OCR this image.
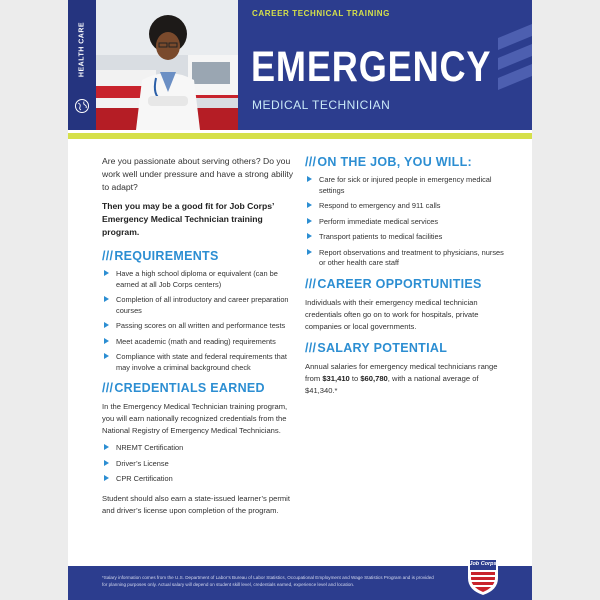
HEALTH CARE
CAREER TECHNICAL TRAINING
EMERGENCY
MEDICAL TECHNICIAN

Are you passionate about serving others? Do you work well under pressure and have a strong ability to adapt?

Then you may be a good fit for Job Corps’ Emergency Medical Technician training program.

///REQUIREMENTS
Have a high school diploma or equivalent (can be earned at all Job Corps centers)
Completion of all introductory and career preparation courses
Passing scores on all written and performance tests
Meet academic (math and reading) requirements
Compliance with state and federal requirements that may involve a criminal background check
///CREDENTIALS EARNED

In the Emergency Medical Technician training program, you will earn nationally recognized credentials from the National Registry of Emergency Medical Technicians.

NREMT Certification
Driver’s License
CPR Certification

Student should also earn a state-issued learner’s permit and driver’s license upon completion of the program.

///ON THE JOB, YOU WILL:
Care for sick or injured people in emergency medical settings
Respond to emergency and 911 calls
Perform immediate medical services
Transport patients to medical facilities
Report observations and treatment to physicians, nurses or other health care staff
///CAREER OPPORTUNITIES

Individuals with their emergency medical technician credentials often go on to work for hospitals, private companies or local governments.

///SALARY POTENTIAL

Annual salaries for emergency medical technicians range from $31,410 to $60,780, with a national average of $41,340.*

*Salary information comes from the U.S. Department of Labor’s Bureau of Labor Statistics, Occupational Employment and Wage Statistics Program and is provided for planning purposes only. Actual salary will depend on student skill level, credentials earned, experience level and location.
Job Corps
